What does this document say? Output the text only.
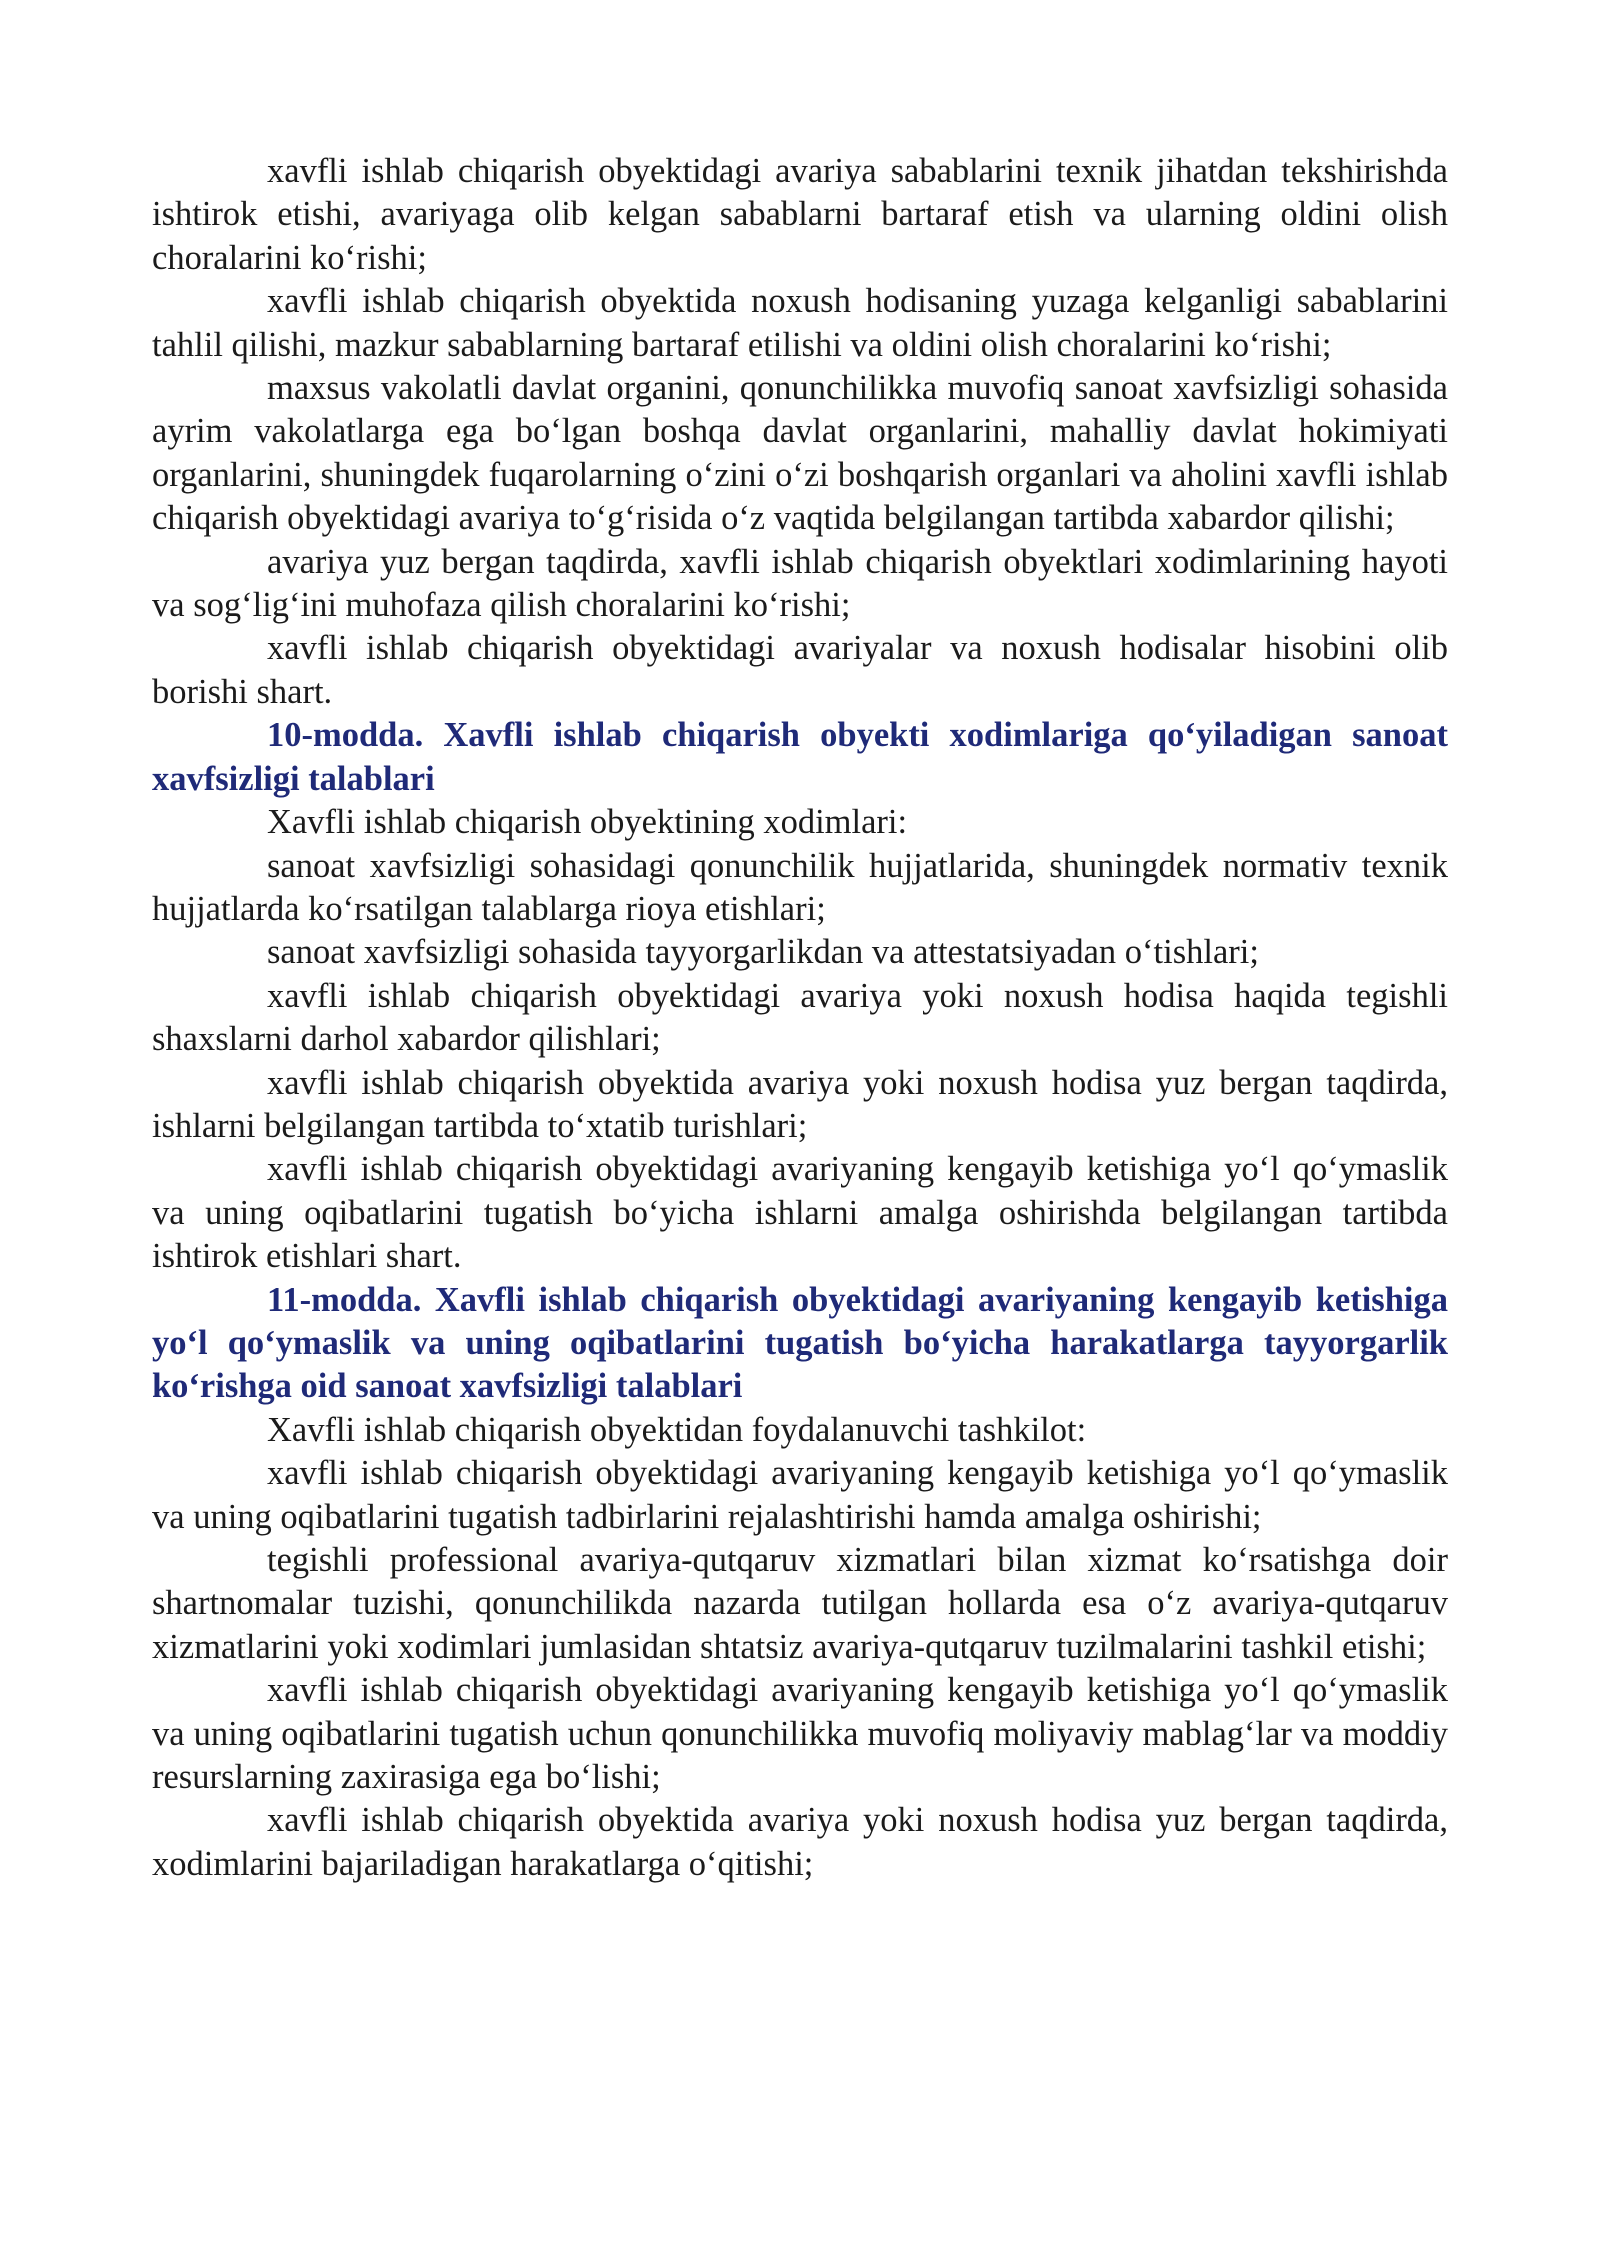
xavfli ishlab chiqarish obyektidagi avariya sabablarini texnik jihatdan tekshirishda ishtirok etishi, avariyaga olib kelgan sabablarni bartaraf etish va ularning oldini olish choralarini koʻrishi;

xavfli ishlab chiqarish obyektida noxush hodisaning yuzaga kelganligi sabablarini tahlil qilishi, mazkur sabablarning bartaraf etilishi va oldini olish choralarini koʻrishi;

maxsus vakolatli davlat organini, qonunchilikka muvofiq sanoat xavfsizligi sohasida ayrim vakolatlarga ega boʻlgan boshqa davlat organlarini, mahalliy davlat hokimiyati organlarini, shuningdek fuqarolarning oʻzini oʻzi boshqarish organlari va aholini xavfli ishlab chiqarish obyektidagi avariya toʻgʻrisida oʻz vaqtida belgilangan tartibda xabardor qilishi;

avariya yuz bergan taqdirda, xavfli ishlab chiqarish obyektlari xodimlarining hayoti va sogʻligʻini muhofaza qilish choralarini koʻrishi;

xavfli ishlab chiqarish obyektidagi avariyalar va noxush hodisalar hisobini olib borishi shart.

10-modda. Xavfli ishlab chiqarish obyekti xodimlariga qoʻyiladigan sanoat xavfsizligi talablari

Xavfli ishlab chiqarish obyektining xodimlari:

sanoat xavfsizligi sohasidagi qonunchilik hujjatlarida, shuningdek normativ texnik hujjatlarda koʻrsatilgan talablarga rioya etishlari;

sanoat xavfsizligi sohasida tayyorgarlikdan va attestatsiyadan oʻtishlari;

xavfli ishlab chiqarish obyektidagi avariya yoki noxush hodisa haqida tegishli shaxslarni darhol xabardor qilishlari;

xavfli ishlab chiqarish obyektida avariya yoki noxush hodisa yuz bergan taqdirda, ishlarni belgilangan tartibda toʻxtatib turishlari;

xavfli ishlab chiqarish obyektidagi avariyaning kengayib ketishiga yoʻl qoʻymaslik va uning oqibatlarini tugatish boʻyicha ishlarni amalga oshirishda belgilangan tartibda ishtirok etishlari shart.

11-modda. Xavfli ishlab chiqarish obyektidagi avariyaning kengayib ketishiga yoʻl qoʻymaslik va uning oqibatlarini tugatish boʻyicha harakatlarga tayyorgarlik koʻrishga oid sanoat xavfsizligi talablari

Xavfli ishlab chiqarish obyektidan foydalanuvchi tashkilot:

xavfli ishlab chiqarish obyektidagi avariyaning kengayib ketishiga yoʻl qoʻymaslik va uning oqibatlarini tugatish tadbirlarini rejalashtirishi hamda amalga oshirishi;

tegishli professional avariya-qutqaruv xizmatlari bilan xizmat koʻrsatishga doir shartnomalar tuzishi, qonunchilikda nazarda tutilgan hollarda esa oʻz avariya-qutqaruv xizmatlarini yoki xodimlari jumlasidan shtatsiz avariya-qutqaruv tuzilmalarini tashkil etishi;

xavfli ishlab chiqarish obyektidagi avariyaning kengayib ketishiga yoʻl qoʻymaslik va uning oqibatlarini tugatish uchun qonunchilikka muvofiq moliyaviy mablagʻlar va moddiy resurslarning zaxirasiga ega boʻlishi;

xavfli ishlab chiqarish obyektida avariya yoki noxush hodisa yuz bergan taqdirda, xodimlarini bajariladigan harakatlarga oʻqitishi;
